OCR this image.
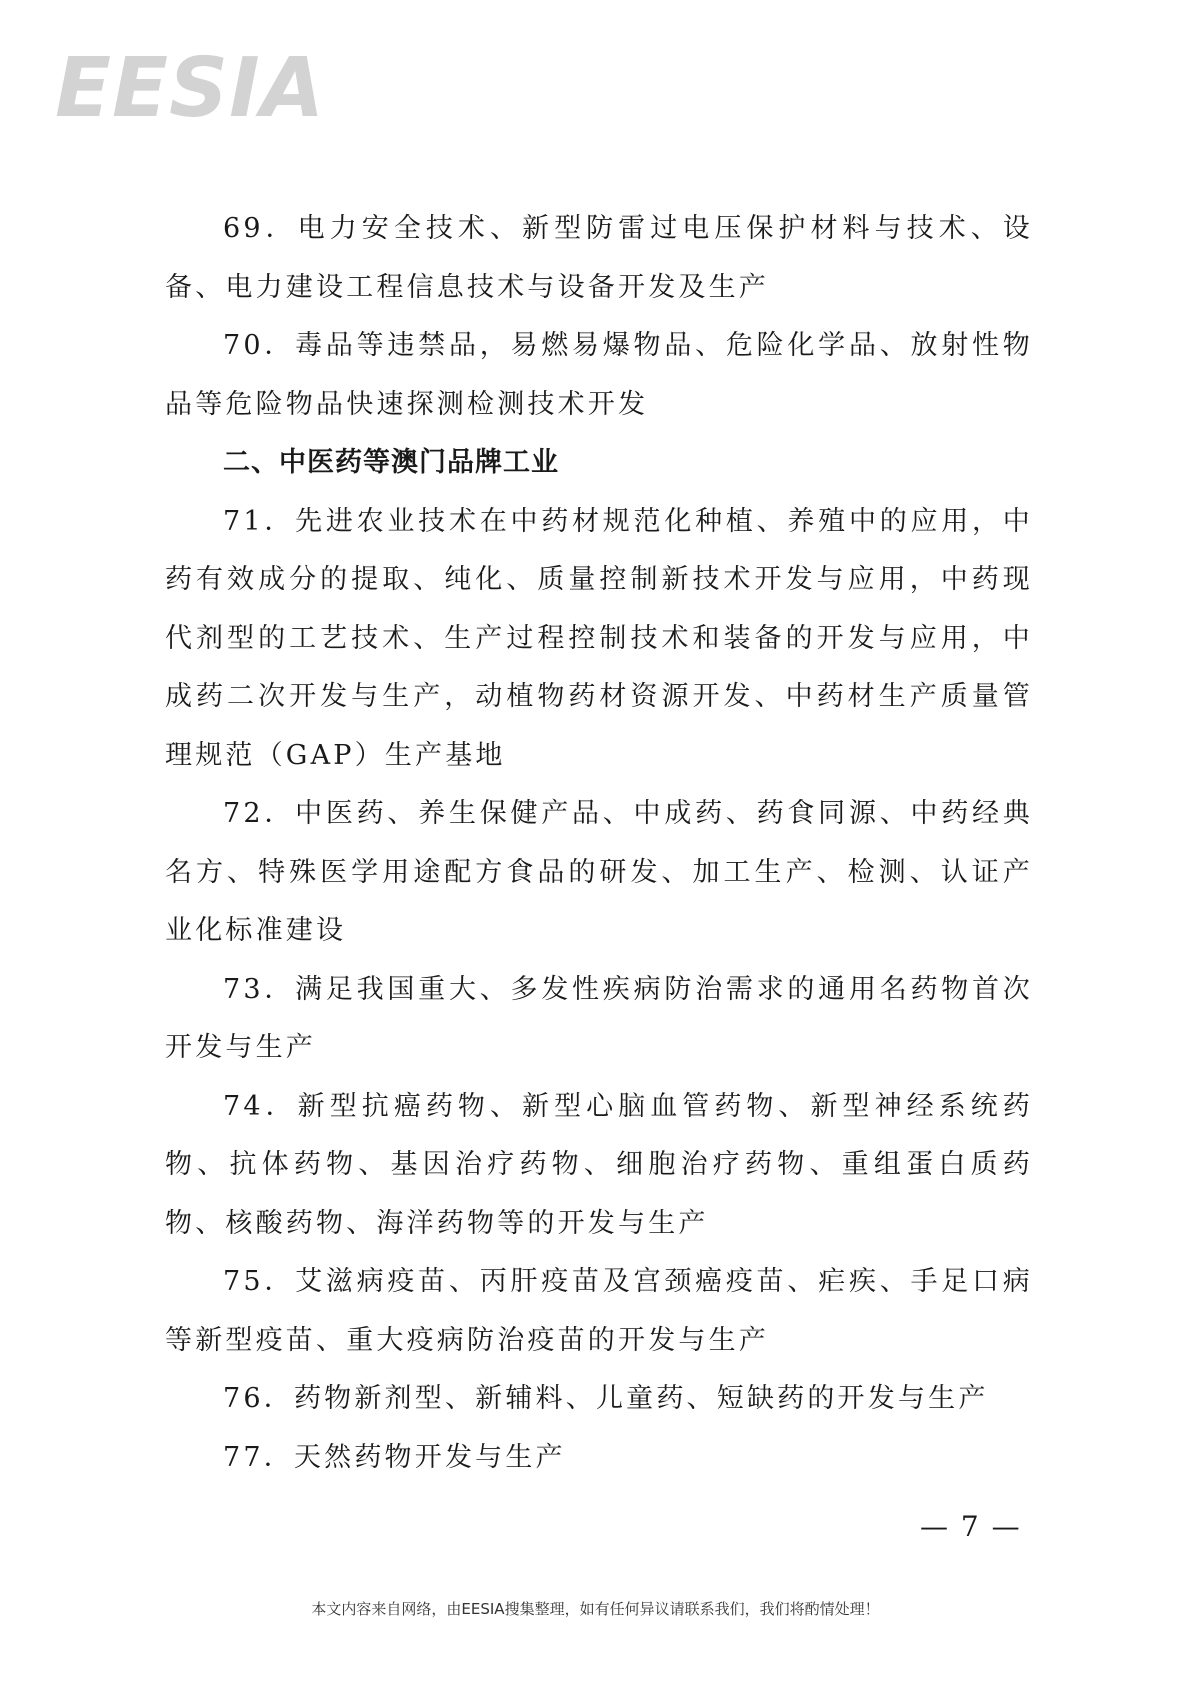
EESIA

69．电力安全技术、新型防雷过电压保护材料与技术、设备、电力建设工程信息技术与设备开发及生产

70．毒品等违禁品，易燃易爆物品、危险化学品、放射性物品等危险物品快速探测检测技术开发

二、中医药等澳门品牌工业

71．先进农业技术在中药材规范化种植、养殖中的应用，中药有效成分的提取、纯化、质量控制新技术开发与应用，中药现代剂型的工艺技术、生产过程控制技术和装备的开发与应用，中成药二次开发与生产，动植物药材资源开发、中药材生产质量管理规范（GAP）生产基地

72．中医药、养生保健产品、中成药、药食同源、中药经典名方、特殊医学用途配方食品的研发、加工生产、检测、认证产业化标准建设

73．满足我国重大、多发性疾病防治需求的通用名药物首次开发与生产

74．新型抗癌药物、新型心脑血管药物、新型神经系统药物、抗体药物、基因治疗药物、细胞治疗药物、重组蛋白质药物、核酸药物、海洋药物等的开发与生产

75．艾滋病疫苗、丙肝疫苗及宫颈癌疫苗、疟疾、手足口病等新型疫苗、重大疫病防治疫苗的开发与生产

76．药物新剂型、新辅料、儿童药、短缺药的开发与生产

77．天然药物开发与生产

— 7 —
本文内容来自网络，由EESIA搜集整理，如有任何异议请联系我们，我们将酌情处理！
